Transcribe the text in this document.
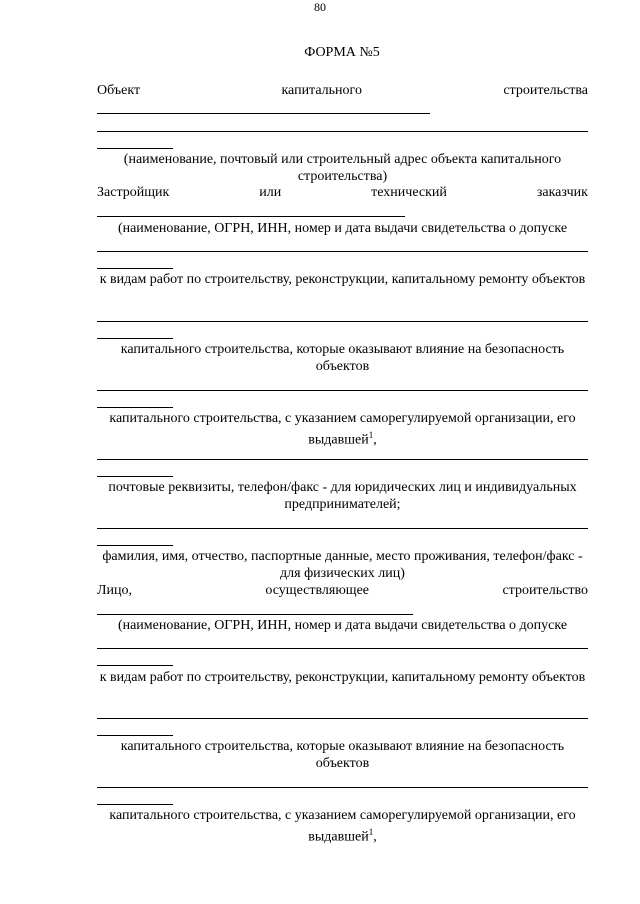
80
ФОРМА №5
Объект	капитального	строительства
(наименование, почтовый или строительный адрес объекта капитального строительства)
Застройщик	или	технический	заказчик
(наименование, ОГРН, ИНН, номер и дата выдачи свидетельства о допуске
к видам работ по строительству, реконструкции, капитальному ремонту объектов
капитального строительства, которые оказывают влияние на безопасность объектов
капитального строительства, с указанием саморегулируемой организации, его выдавшей$^1$,
почтовые реквизиты, телефон/факс - для юридических лиц и индивидуальных предпринимателей;
фамилия, имя, отчество, паспортные данные, место проживания, телефон/факс - для физических лиц)
Лицо,	осуществляющее	строительство
(наименование, ОГРН, ИНН, номер и дата выдачи свидетельства о допуске
к видам работ по строительству, реконструкции, капитальному ремонту объектов
капитального строительства, которые оказывают влияние на безопасность объектов
капитального строительства, с указанием саморегулируемой организации, его выдавшей$^1$,
